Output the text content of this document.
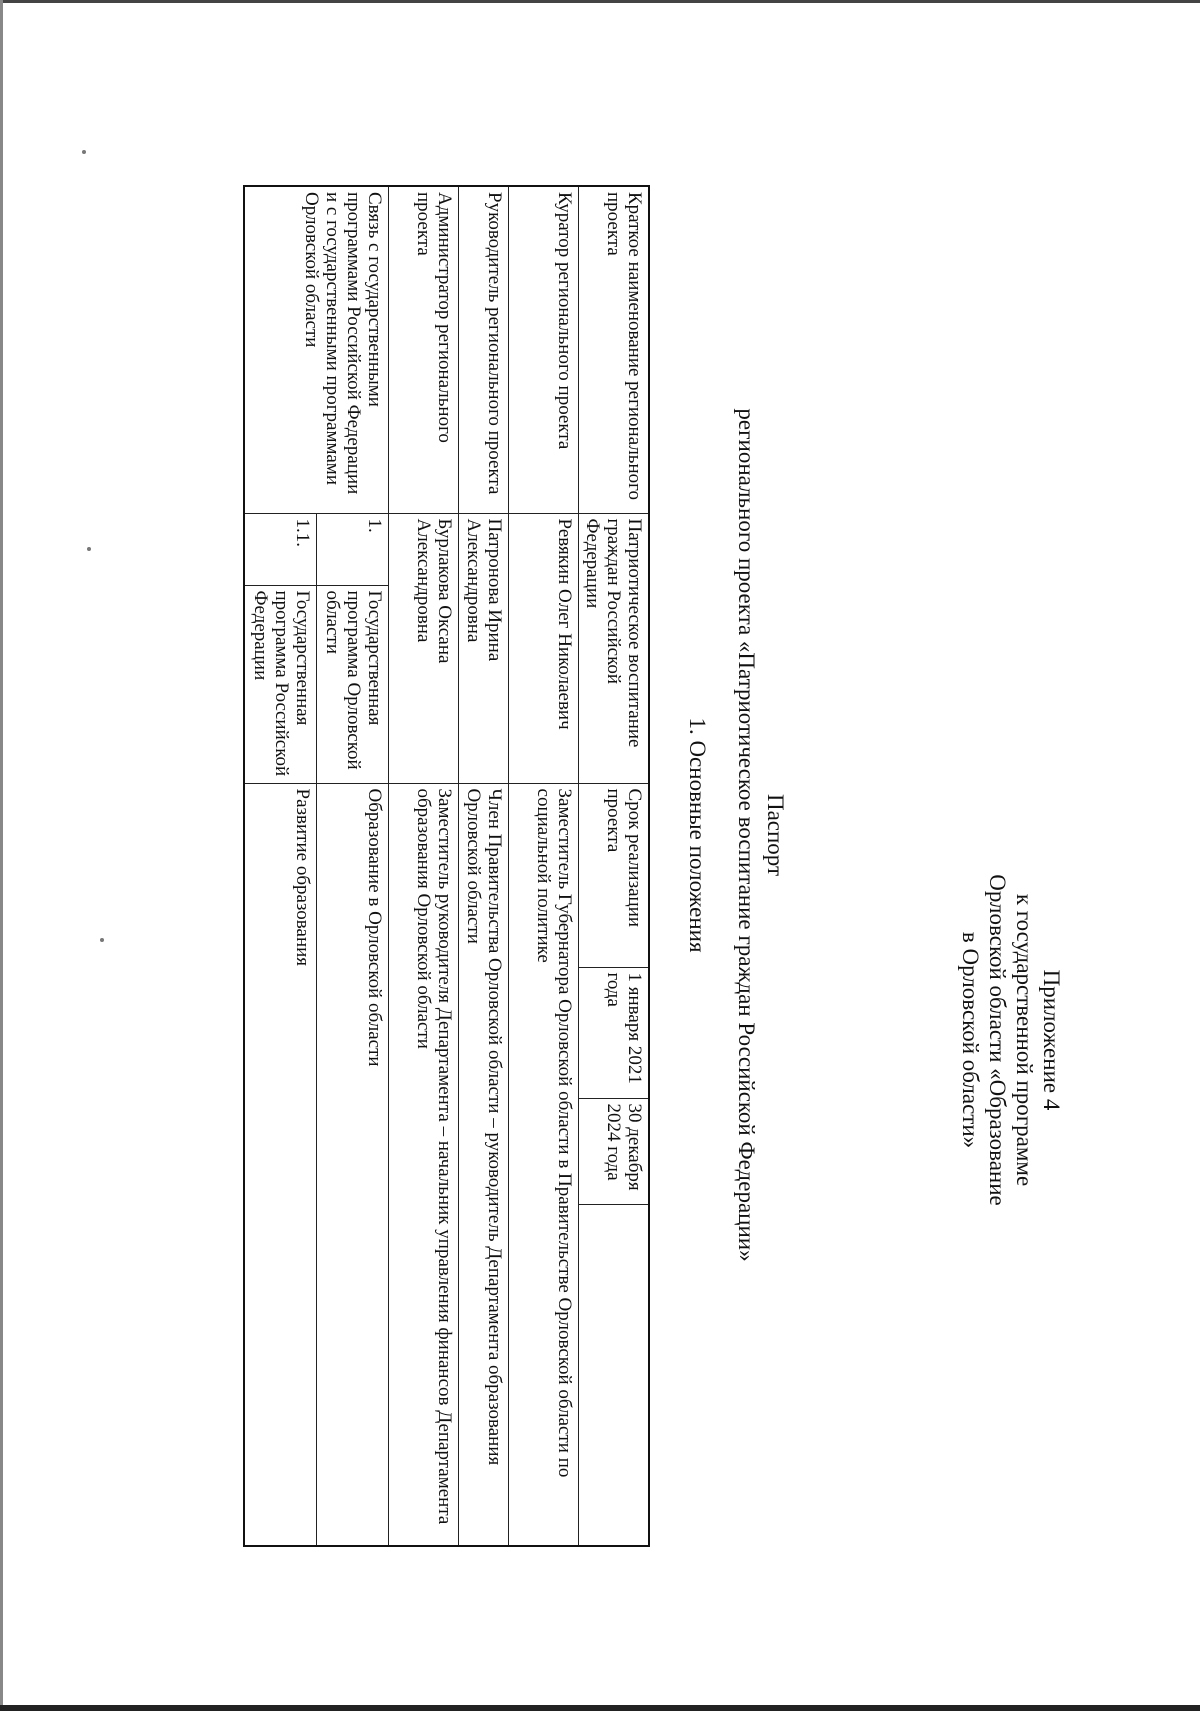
Приложение 4
к государственной программе
Орловской области «Образование
в Орловской области»
Паспорт
регионального проекта «Патриотическое воспитание граждан Российской Федерации»
1. Основные положения
Краткое наименование регионального проекта	Патриотическое воспитание граждан Российской Федерации		Срок реализации проекта	1 января 2021 года	30 декабря 2024 года	
Куратор регионального проекта	Ревякин Олег Николаевич		Заместитель Губернатора Орловской области в Правительстве Орловской области по социальной политике			
Руководитель регионального проекта	Патронова Ирина Александровна		Член Правительства Орловской области – руководитель Департамента образования Орловской области			
Администратор регионального проекта	Бурлакова Оксана Александровна		Заместитель руководителя Департамента – начальник управления финансов Департамента образования Орловской области			
Связь с государственными программами Российской Федерации и с государственными программами Орловской области	1.	Государственная программа Орловской области	Образование в Орловской области			
	1.1.	Государственная программа Российской Федерации	Развитие образования			
